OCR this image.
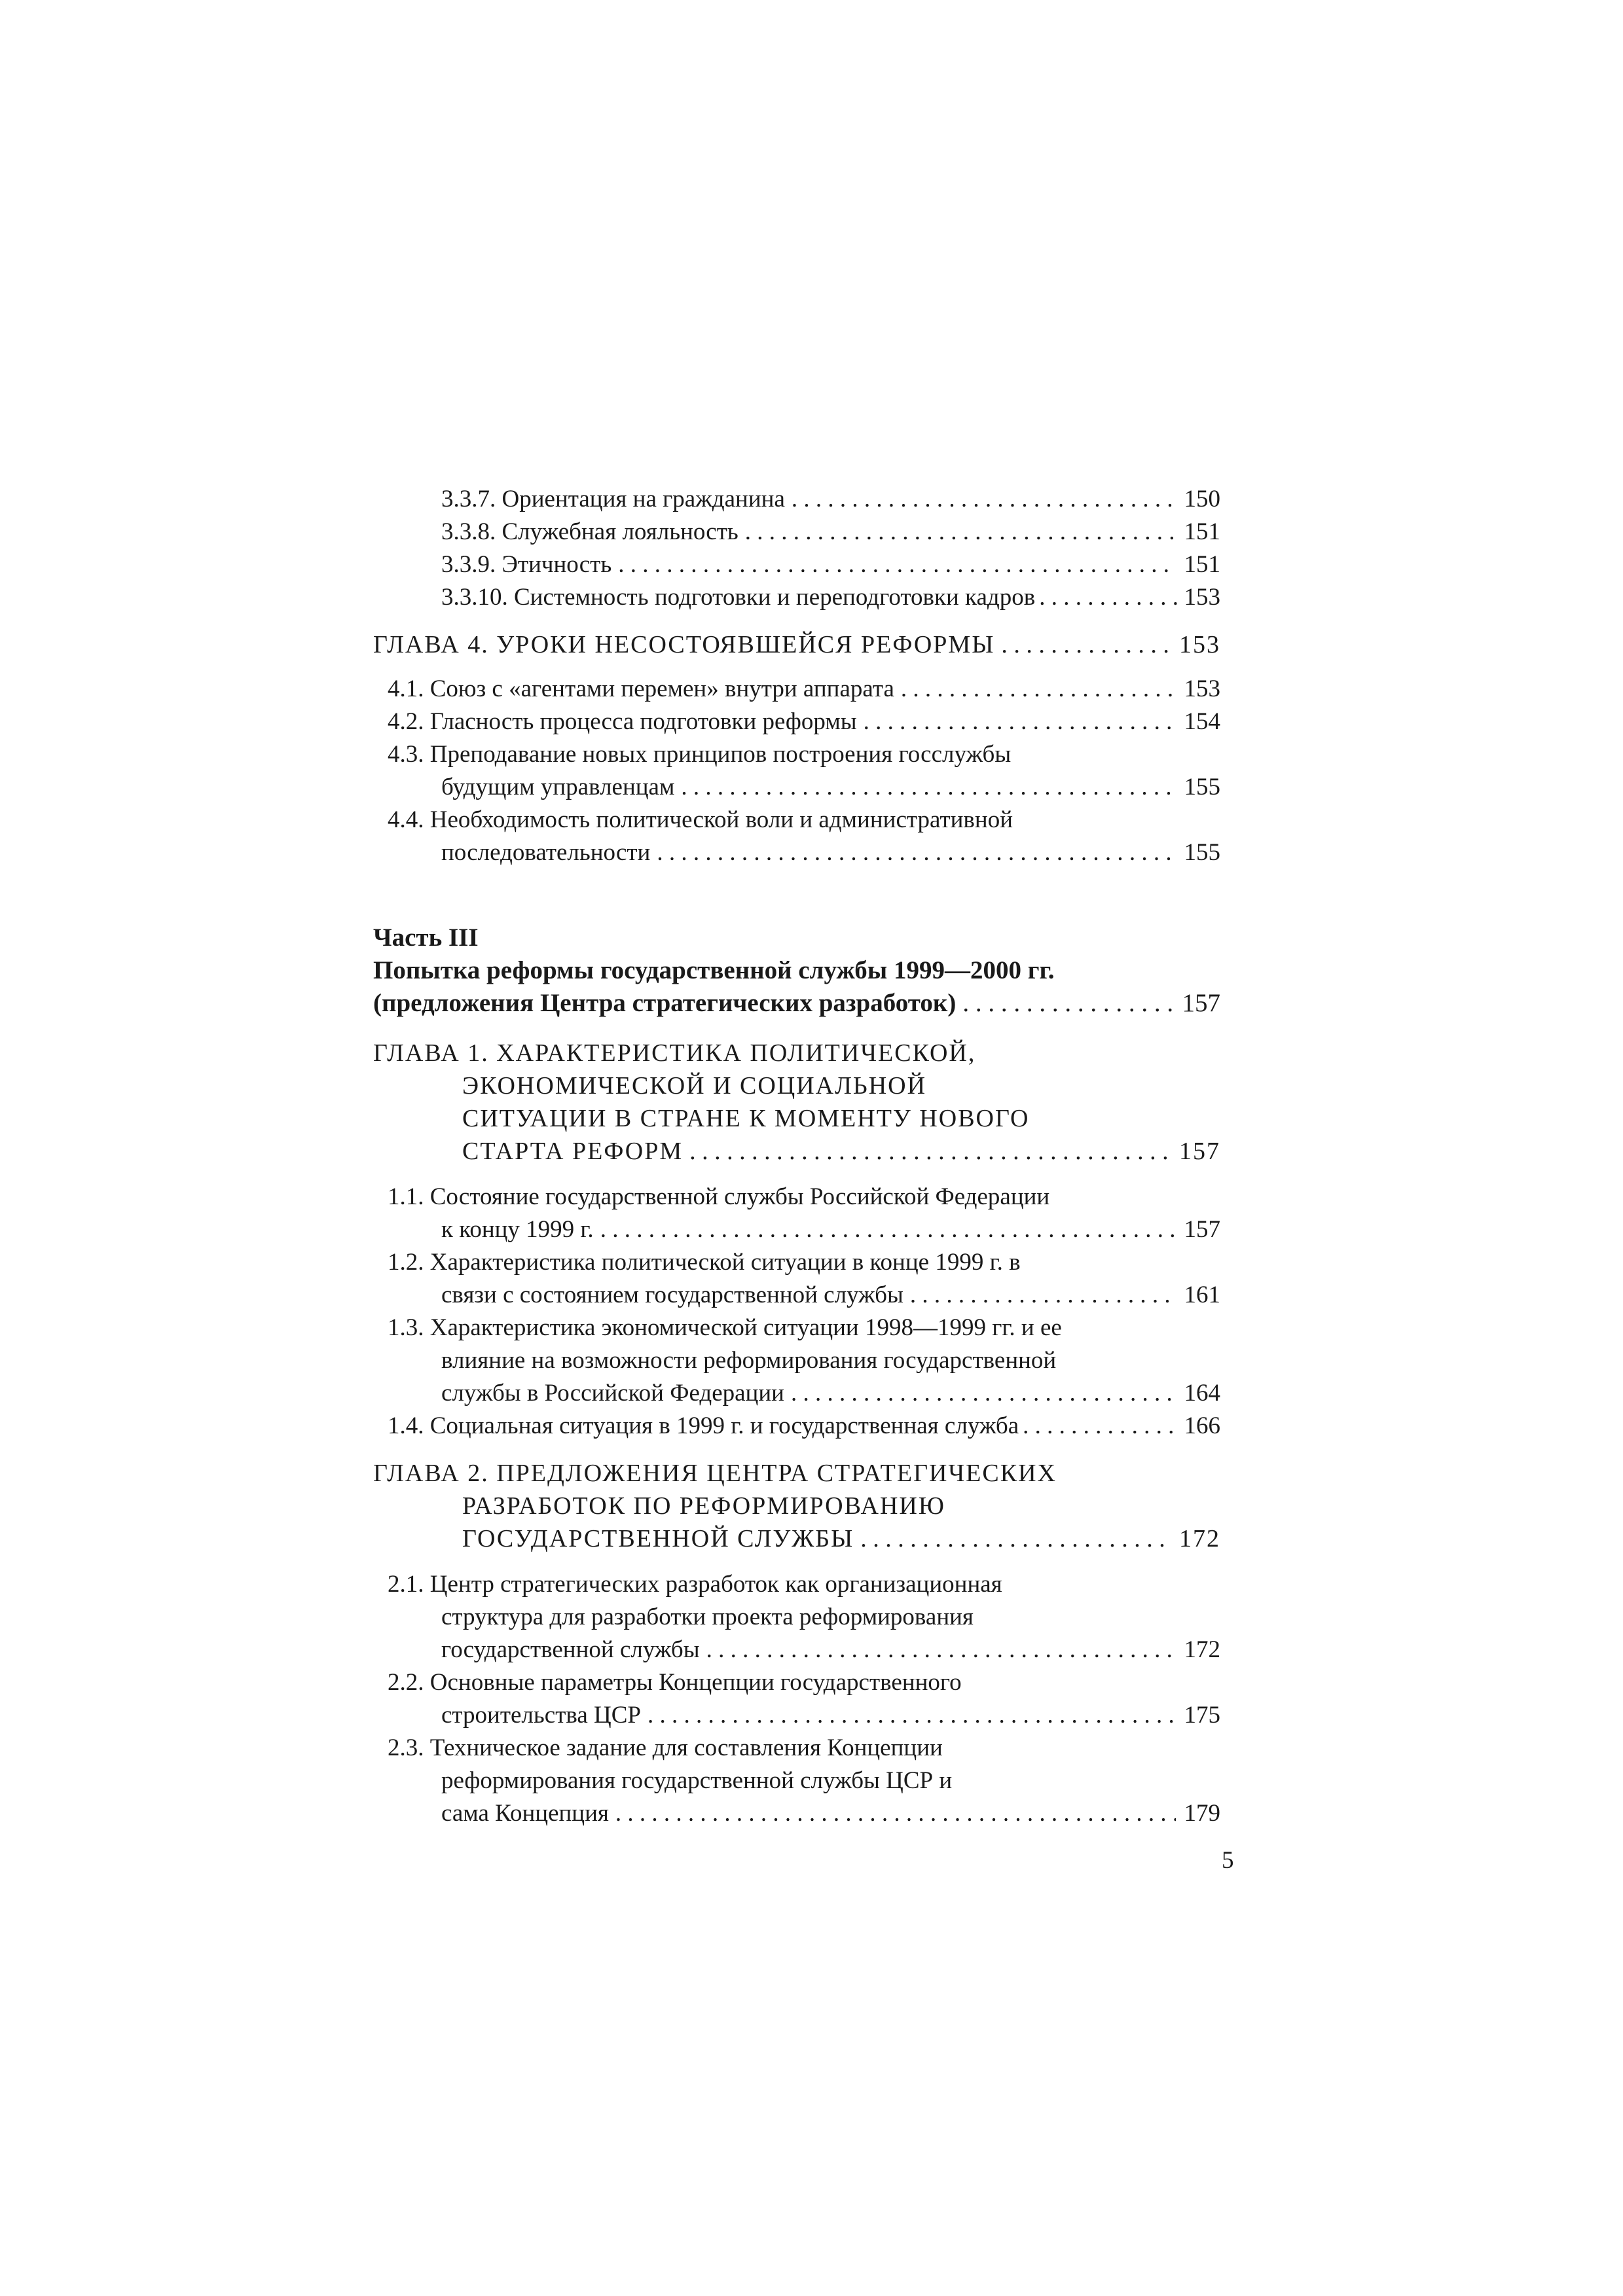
3.3.7. Ориентация на гражданина . . .	150
3.3.8. Служебная лояльность . . .	151
3.3.9. Этичность . . .	151
3.3.10. Системность подготовки и переподготовки кадров . . .	153
ГЛАВА 4. УРОКИ НЕСОСТОЯВШЕЙСЯ РЕФОРМЫ . . .	153
4.1. Союз с «агентами перемен» внутри аппарата . . .	153
4.2. Гласность процесса подготовки реформы . . .	154
4.3. Преподавание новых принципов построения госслужбы
будущим управленцам . . .	155
4.4. Необходимость политической воли и административной
последовательности . . .	155
Часть III
Попытка реформы государственной службы 1999—2000 гг.
(предложения Центра стратегических разработок) . . .	157
ГЛАВА 1. ХАРАКТЕРИСТИКА ПОЛИТИЧЕСКОЙ,
ЭКОНОМИЧЕСКОЙ И СОЦИАЛЬНОЙ
СИТУАЦИИ В СТРАНЕ К МОМЕНТУ НОВОГО
СТАРТА РЕФОРМ . . .	157
1.1. Состояние государственной службы Российской Федерации
к концу 1999 г. . . .	157
1.2. Характеристика политической ситуации в конце 1999 г. в
связи с состоянием государственной службы . . .	161
1.3. Характеристика экономической ситуации 1998—1999 гг. и ее
влияние на возможности реформирования государственной
службы в Российской Федерации . . .	164
1.4. Социальная ситуация в 1999 г. и государственная служба . . .	166
ГЛАВА 2. ПРЕДЛОЖЕНИЯ ЦЕНТРА СТРАТЕГИЧЕСКИХ
РАЗРАБОТОК ПО РЕФОРМИРОВАНИЮ
ГОСУДАРСТВЕННОЙ СЛУЖБЫ . . .	172
2.1. Центр стратегических разработок как организационная
структура для разработки проекта реформирования
государственной службы . . .	172
2.2. Основные параметры Концепции государственного
строительства ЦСР . . .	175
2.3. Техническое задание для составления Концепции
реформирования государственной службы ЦСР и
сама Концепция . . .	179
5
